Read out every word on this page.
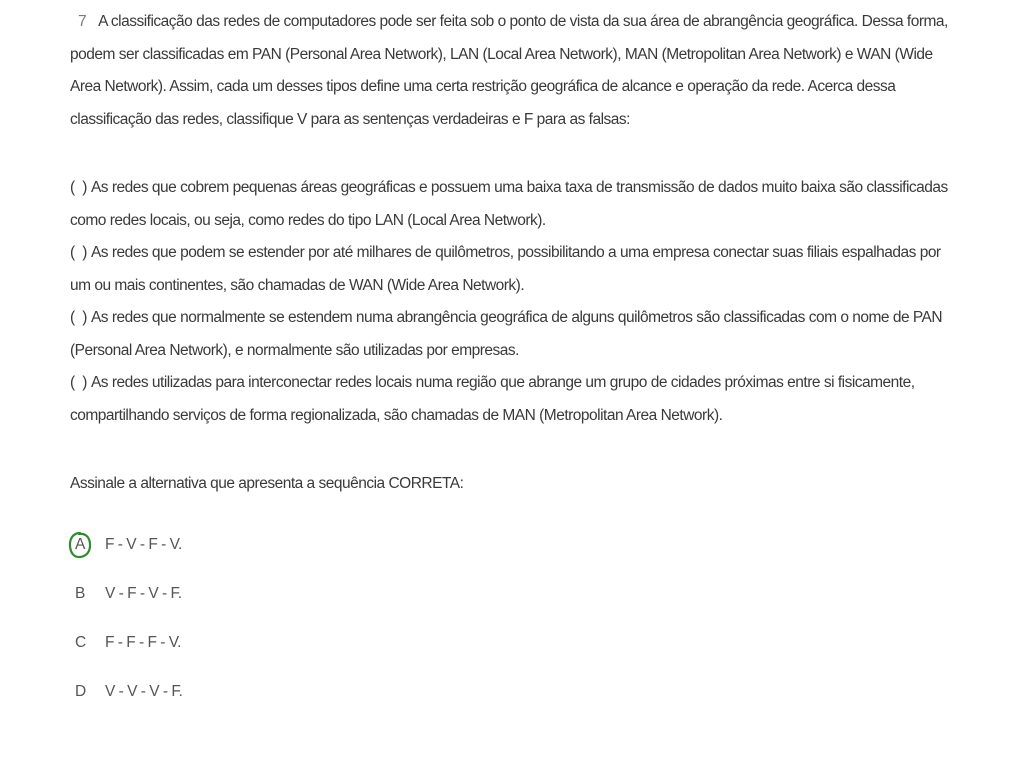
7 A classificação das redes de computadores pode ser feita sob o ponto de vista da sua área de abrangência geográfica. Dessa forma, podem ser classificadas em PAN (Personal Area Network), LAN (Local Area Network), MAN (Metropolitan Area Network) e WAN (Wide Area Network). Assim, cada um desses tipos define uma certa restrição geográfica de alcance e operação da rede. Acerca dessa classificação das redes, classifique V para as sentenças verdadeiras e F para as falsas:
(  ) As redes que cobrem pequenas áreas geográficas e possuem uma baixa taxa de transmissão de dados muito baixa são classificadas como redes locais, ou seja, como redes do tipo LAN (Local Area Network).
(  ) As redes que podem se estender por até milhares de quilômetros, possibilitando a uma empresa conectar suas filiais espalhadas por um ou mais continentes, são chamadas de WAN (Wide Area Network).
(  ) As redes que normalmente se estendem numa abrangência geográfica de alguns quilômetros são classificadas com o nome de PAN (Personal Area Network), e normalmente são utilizadas por empresas.
(  ) As redes utilizadas para interconectar redes locais numa região que abrange um grupo de cidades próximas entre si fisicamente, compartilhando serviços de forma regionalizada, são chamadas de MAN (Metropolitan Area Network).
Assinale a alternativa que apresenta a sequência CORRETA:
A	F - V - F - V.
B	V - F - V - F.
C	F - F - F - V.
D	V - V - V - F.
